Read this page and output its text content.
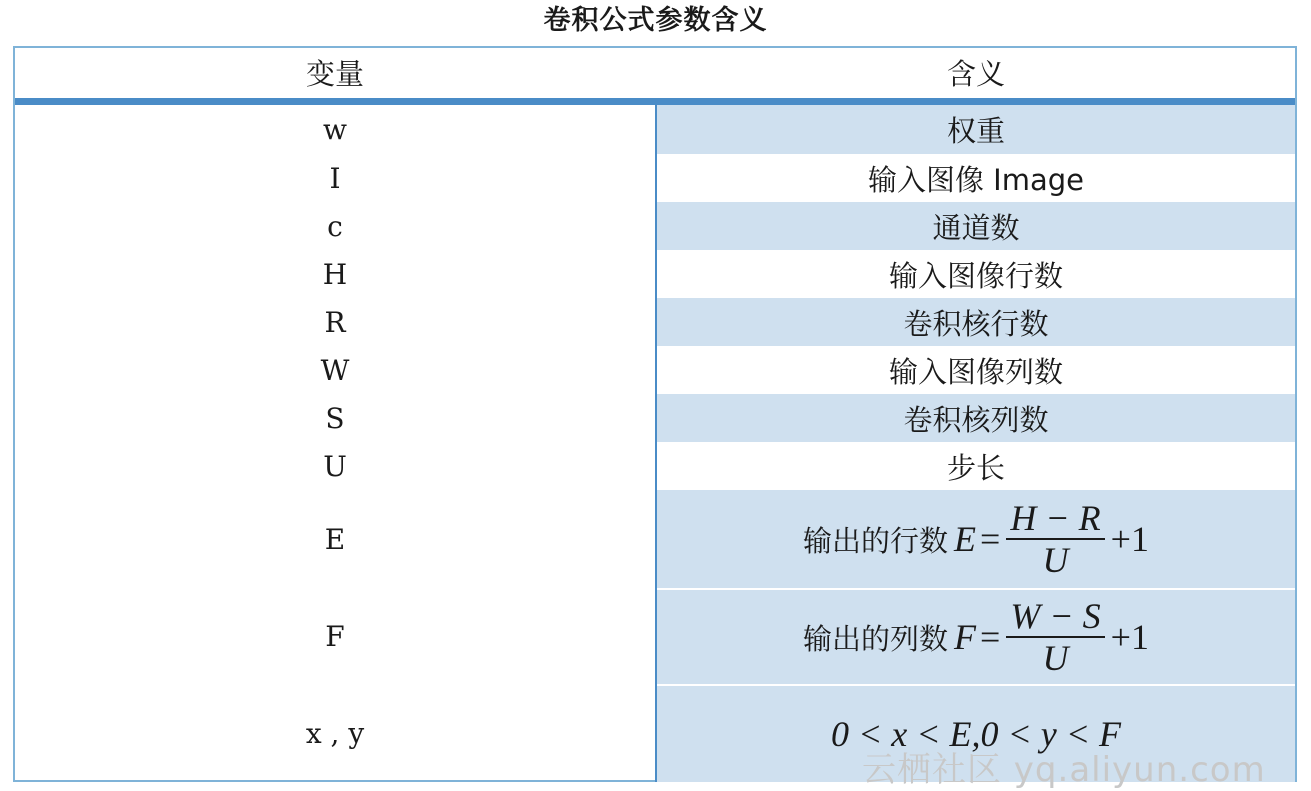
卷积公式参数含义
变量	含义
w
I
c
H
R
W
S
U
E
F
x , y
权重
输入图像 Image
通道数
输入图像行数
卷积核行数
输入图像列数
卷积核列数
步长
输出的行数 $E = \frac{H - R}{U} +1$
输出的列数 $F = \frac{W - S}{U} +1$
0 < x < E,0 < y < F
云栖社区 yq.aliyun.com
